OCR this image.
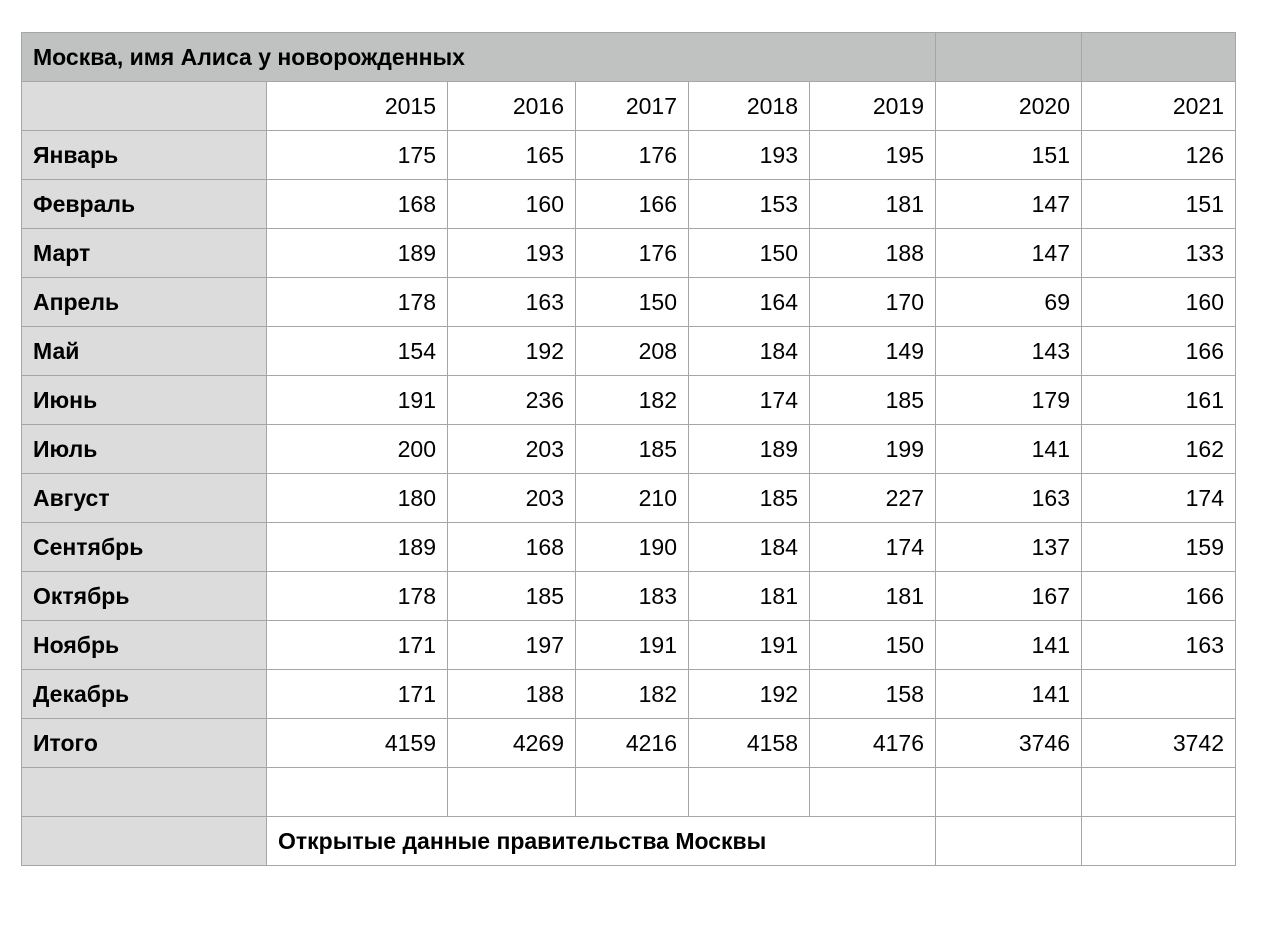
Москва, имя Алиса у новорожденных							
	2015	2016	2017	2018	2019	2020	2021
Январь	175	165	176	193	195	151	126
Февраль	168	160	166	153	181	147	151
Март	189	193	176	150	188	147	133
Апрель	178	163	150	164	170	69	160
Май	154	192	208	184	149	143	166
Июнь	191	236	182	174	185	179	161
Июль	200	203	185	189	199	141	162
Август	180	203	210	185	227	163	174
Сентябрь	189	168	190	184	174	137	159
Октябрь	178	185	183	181	181	167	166
Ноябрь	171	197	191	191	150	141	163
Декабрь	171	188	182	192	158	141	
Итого	4159	4269	4216	4158	4176	3746	3742

	Открытые данные правительства Москвы						
